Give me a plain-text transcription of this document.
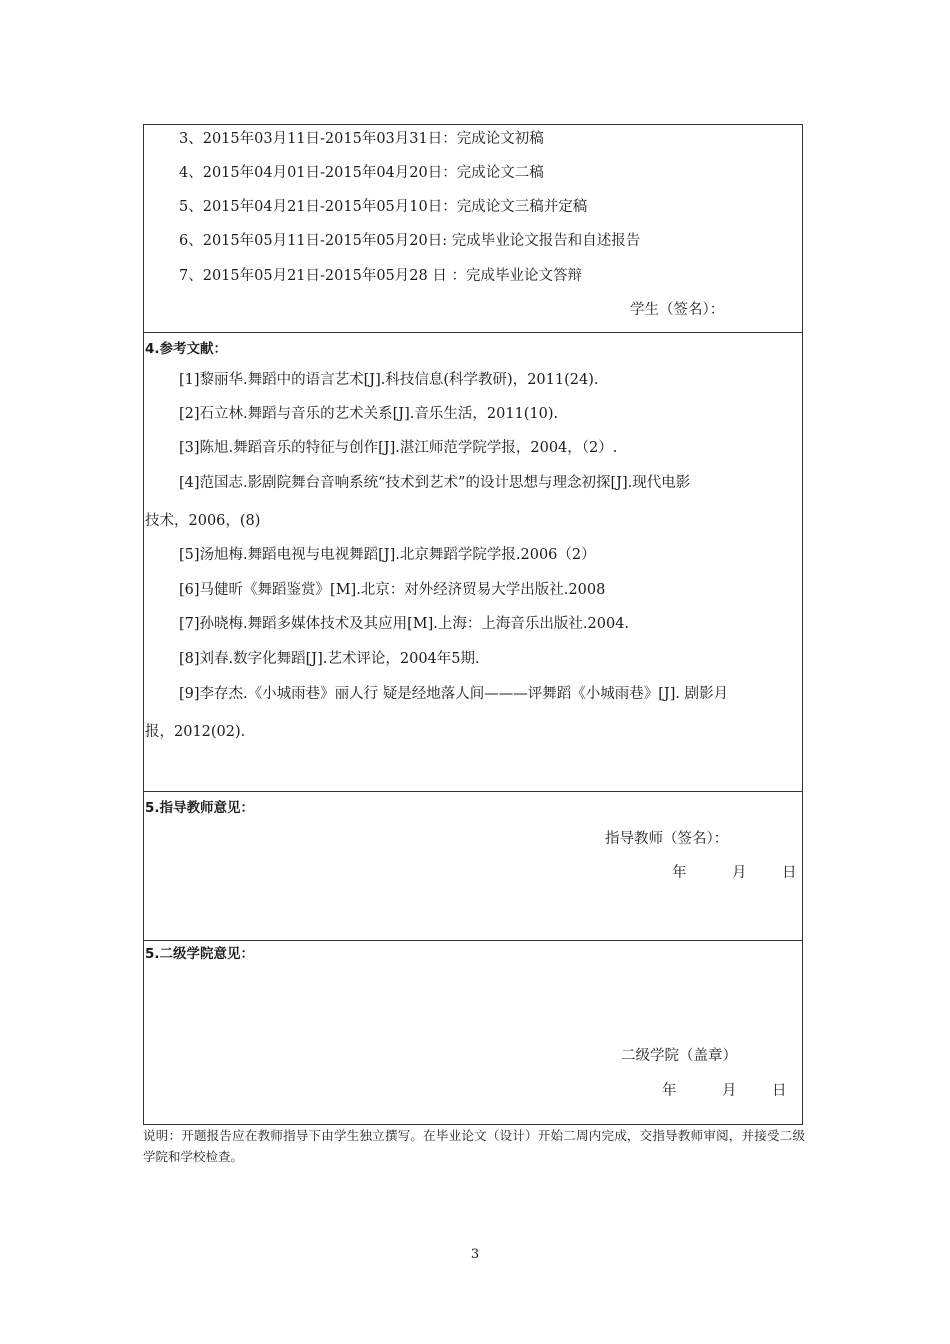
3、2015年03月11日-2015年03月31日：完成论文初稿
4、2015年04月01日-2015年04月20日：完成论文二稿
5、2015年04月21日-2015年05月10日：完成论文三稿并定稿
6、2015年05月11日-2015年05月20日: 完成毕业论文报告和自述报告
7、2015年05月21日-2015年05月28 日 ：完成毕业论文答辩
学生（签名）：

4.参考文献：
[1]黎丽华.舞蹈中的语言艺术[J].科技信息(科学教研)，2011(24).
[2]石立林.舞蹈与音乐的艺术关系[J].音乐生活，2011(10).
[3]陈旭.舞蹈音乐的特征与创作[J].湛江师范学院学报，2004，（2）.
[4]范国志.影剧院舞台音响系统“技术到艺术”的设计思想与理念初探[J].现代电影
技术，2006，(8)
[5]汤旭梅.舞蹈电视与电视舞蹈[J].北京舞蹈学院学报.2006（2）
[6]马健昕《舞蹈鉴赏》[M].北京：对外经济贸易大学出版社.2008
[7]孙晓梅.舞蹈多媒体技术及其应用[M].上海：上海音乐出版社.2004.
[8]刘春.数字化舞蹈[J].艺术评论，2004年5期.
[9]李存杰.《小城雨巷》丽人行 疑是经地落人间———评舞蹈《小城雨巷》[J]. 剧影月
报，2012(02).

5.指导教师意见：
指导教师（签名）：
年	月 日

5.二级学院意见：
二级学院（盖章）
年	月 日
说明：开题报告应在教师指导下由学生独立撰写。在毕业论文（设计）开始二周内完成，交指导教师审阅，并接受二级学院和学校检查。
3
